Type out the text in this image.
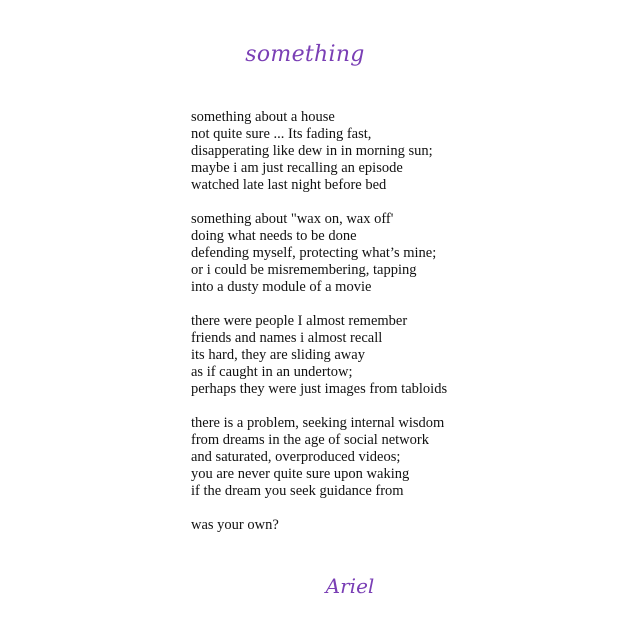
something
something about a house
not quite sure ... Its fading fast,
disapperating like dew in in morning sun;
maybe i am just recalling an episode
watched late last night before bed
something about "wax on, wax off'
doing what needs to be done
defending myself, protecting what’s mine;
or i could be misremembering, tapping
into a dusty module of a movie
there were people I almost remember
friends and names i almost recall
its hard, they are sliding away
as if caught in an undertow;
perhaps they were just images from tabloids
there is a problem, seeking internal wisdom
from dreams in the age of social network
and saturated, overproduced videos;
you are never quite sure upon waking
if the dream you seek guidance from
was your own?
Ariel
